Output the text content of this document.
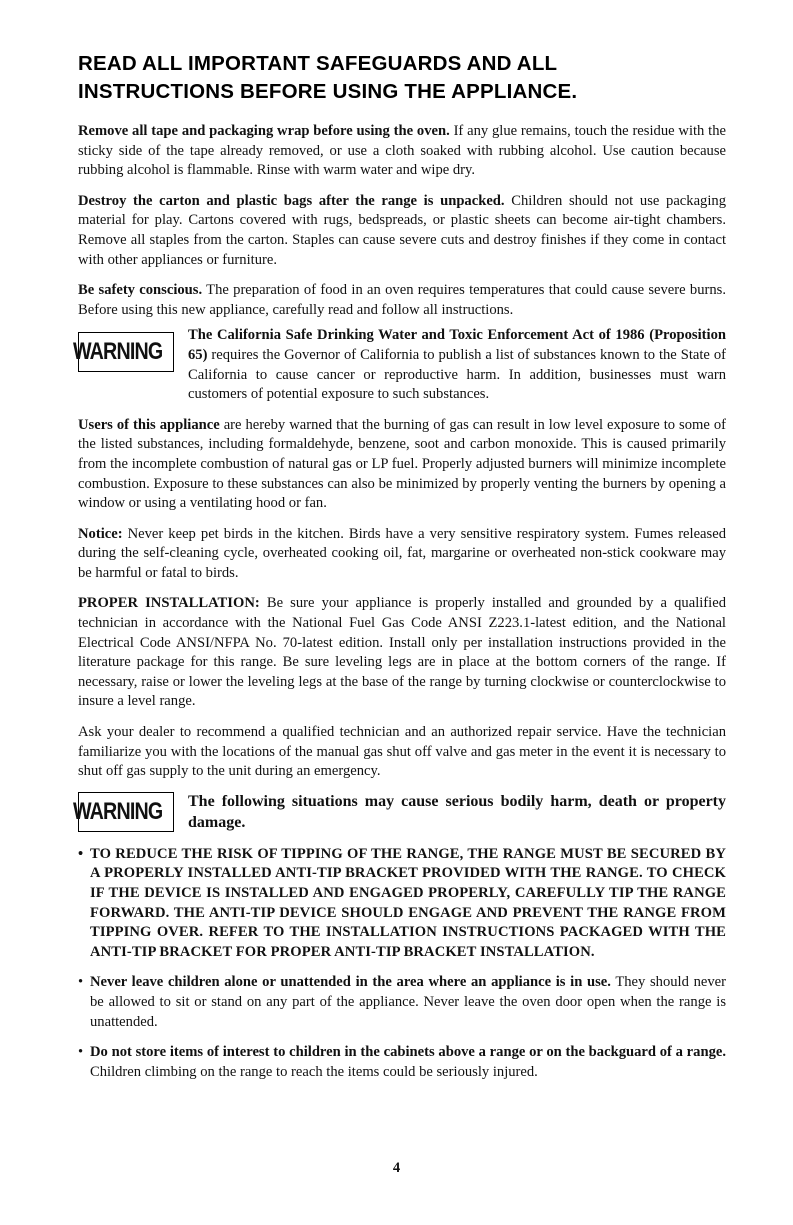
READ ALL IMPORTANT SAFEGUARDS AND ALL
INSTRUCTIONS BEFORE USING THE APPLIANCE.

Remove all tape and packaging wrap before using the oven. If any glue remains, touch the residue with the sticky side of the tape already removed, or use a cloth soaked with rubbing alcohol. Use caution because rubbing alcohol is flammable. Rinse with warm water and wipe dry.

Destroy the carton and plastic bags after the range is unpacked. Children should not use packaging material for play. Cartons covered with rugs, bedspreads, or plastic sheets can become air-tight chambers. Remove all staples from the carton. Staples can cause severe cuts and destroy finishes if they come in contact with other appliances or furniture.

Be safety conscious. The preparation of food in an oven requires temperatures that could cause severe burns. Before using this new appliance, carefully read and follow all instructions.

WARNING
The California Safe Drinking Water and Toxic Enforcement Act of 1986 (Proposition 65) requires the Governor of California to publish a list of substances known to the State of California to cause cancer or reproductive harm. In addition, businesses must warn customers of potential exposure to such substances.

Users of this appliance are hereby warned that the burning of gas can result in low level exposure to some of the listed substances, including formaldehyde, benzene, soot and carbon monoxide. This is caused primarily from the incomplete combustion of natural gas or LP fuel. Properly adjusted burners will minimize incomplete combustion. Exposure to these substances can also be minimized by properly venting the burners by opening a window or using a ventilating hood or fan.

Notice: Never keep pet birds in the kitchen. Birds have a very sensitive respiratory system. Fumes released during the self-cleaning cycle, overheated cooking oil, fat, margarine or overheated non-stick cookware may be harmful or fatal to birds.

PROPER INSTALLATION: Be sure your appliance is properly installed and grounded by a qualified technician in accordance with the National Fuel Gas Code ANSI Z223.1-latest edition, and the National Electrical Code ANSI/NFPA No. 70-latest edition. Install only per installation instructions provided in the literature package for this range. Be sure leveling legs are in place at the bottom corners of the range. If necessary, raise or lower the leveling legs at the base of the range by turning clockwise or counterclockwise to insure a level range.

Ask your dealer to recommend a qualified technician and an authorized repair service. Have the technician familiarize you with the locations of the manual gas shut off valve and gas meter in the event it is necessary to shut off gas supply to the unit during an emergency.

WARNING The following situations may cause serious bodily harm, death or property damage.
• TO REDUCE THE RISK OF TIPPING OF THE RANGE, THE RANGE MUST BE SECURED BY A PROPERLY INSTALLED ANTI-TIP BRACKET PROVIDED WITH THE RANGE. TO CHECK IF THE DEVICE IS INSTALLED AND ENGAGED PROPERLY, CAREFULLY TIP THE RANGE FORWARD. THE ANTI-TIP DEVICE SHOULD ENGAGE AND PREVENT THE RANGE FROM TIPPING OVER. REFER TO THE INSTALLATION INSTRUCTIONS PACKAGED WITH THE ANTI-TIP BRACKET FOR PROPER ANTI-TIP BRACKET INSTALLATION.
• Never leave children alone or unattended in the area where an appliance is in use. They should never be allowed to sit or stand on any part of the appliance. Never leave the oven door open when the range is unattended.
• Do not store items of interest to children in the cabinets above a range or on the backguard of a range. Children climbing on the range to reach the items could be seriously injured.
4
